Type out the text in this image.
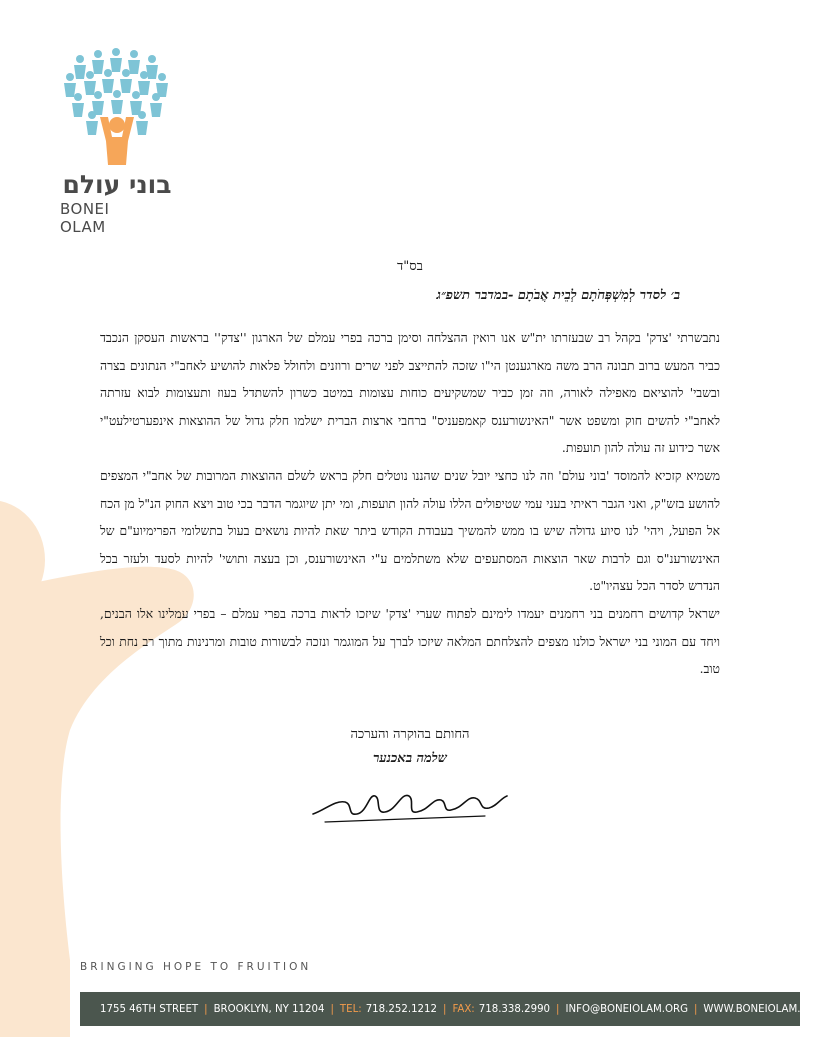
בוני עולם
BONEI OLAM
בס"ד
ב׳ לסדר לְמִשְׁפְּחֹתָם לְבֵית אֲבֹתָם -במדבר תשפ״ג

נתבשרתי 'צדק' בקהל רב שבעזרתו ית"ש אנו רואין ההצלחה וסימן ברכה בפרי עמלם של הארגון ''צדק'' בראשות העסקן הנכבד כביר המעש ברוב תבונה הרב משה מארגענטן הי"ו שזכה להתייצב לפני שרים ורוזנים ולחולל פלאות להושיע לאחב"י הנתונים בצרה ובשבי' להוציאם מאפילה לאורה, וזה זמן כביר שמשקיעים כוחות עצומות במיטב כשרון להשתדל בעוז ותעצומות לבוא עזרתה לאחב"י להשים חוק ומשפט אשר "האינשורענס קאמפעניס" ברחבי ארצות הברית ישלמו חלק גדול של ההוצאות אינפערטילעט"י אשר כידוע זה עולה להון תועפות.

משמיא קזכיא להמוסד 'בוני עולם' וזה לנו כחצי יובל שנים שהננו נוטלים חלק בראש לשלם ההוצאות המרובות של אחב"י המצפים להושע בזש"ק, ואני הגבר ראיתי בעני עמי שטיפולים הללו עולה להון תועפות, ומי יתן שיוגמר הדבר בכי טוב ויצא החוק הנ"ל מן הכח אל הפועל, ויהי' לנו סיוע גדולה שיש בו ממש להמשיך בעבודת הקודש ביתר שאת להיות נושאים בעול בתשלומי הפרימיוע"ם של האינשורענ"ס וגם לרבות שאר הוצאות המסתעפים שלא משתלמים ע"י האינשורענס, וכן בעצה ותושי' להיות לסעד ולעזר בכל הנדרש לסדר הכל עצהיו"ט.

ישראל קדושים רחמנים בני רחמנים יעמדו לימינם לפתוח שערי 'צדק' שיזכו לראות ברכה בפרי עמלם – בפרי עמלינו אלו הבנים, ויחד עם המוני בני ישראל כולנו מצפים להצלחתם המלאה שיזכו לברך על המוגמר ונזכה לבשורות טובות ומרנינות מתוך רב נחת וכל טוב.

החותם בהוקרה והערכה
שלמה באכנער
BRINGING HOPE TO FRUITION
1755 46TH STREET | BROOKLYN, NY 11204 | TEL: 718.252.1212 | FAX: 718.338.2990 | INFO@BONEIOLAM.ORG | WWW.BONEIOLAM.ORG
